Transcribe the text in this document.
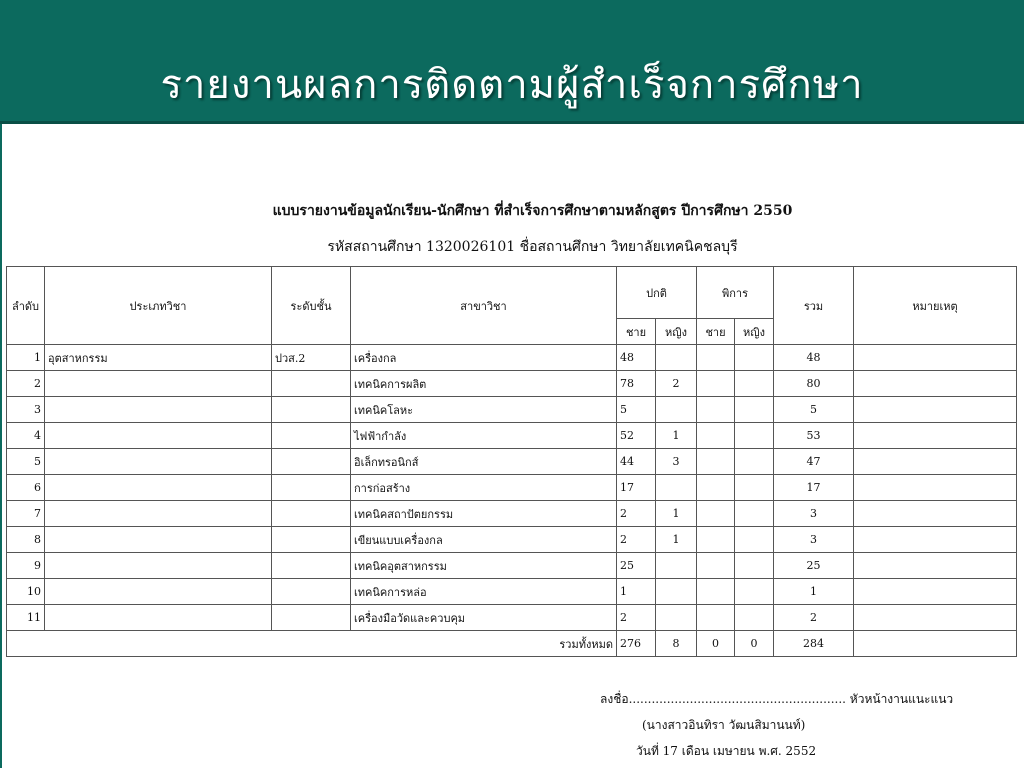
รายงานผลการติดตามผู้สำเร็จการศึกษา
แบบรายงานข้อมูลนักเรียน-นักศึกษา ที่สำเร็จการศึกษาตามหลักสูตร ปีการศึกษา 2550
รหัสสถานศึกษา 1320026101 ชื่อสถานศึกษา วิทยาลัยเทคนิคชลบุรี
ลำดับ	ประเภทวิชา	ระดับชั้น	สาขาวิชา	ปกติ		พิการ		รวม	หมายเหตุ
				ชาย	หญิง	ชาย	หญิง		
1	อุตสาหกรรม	ปวส.2	เครื่องกล	48				48	
2			เทคนิคการผลิต	78	2			80	
3			เทคนิคโลหะ	5				5	
4			ไฟฟ้ากำลัง	52	1			53	
5			อิเล็กทรอนิกส์	44	3			47	
6			การก่อสร้าง	17				17	
7			เทคนิคสถาปัตยกรรม	2	1			3	
8			เขียนแบบเครื่องกล	2	1			3	
9			เทคนิคอุตสาหกรรม	25				25	
10			เทคนิคการหล่อ	1				1	
11			เครื่องมือวัดและควบคุม	2				2	
รวมทั้งหมด				276	8	0	0	284	
ลงชื่อ......................................................... หัวหน้างานแนะแนว
(นางสาวอินทิรา วัฒนสิมานนท์)
วันที่ 17 เดือน เมษายน พ.ศ. 2552
